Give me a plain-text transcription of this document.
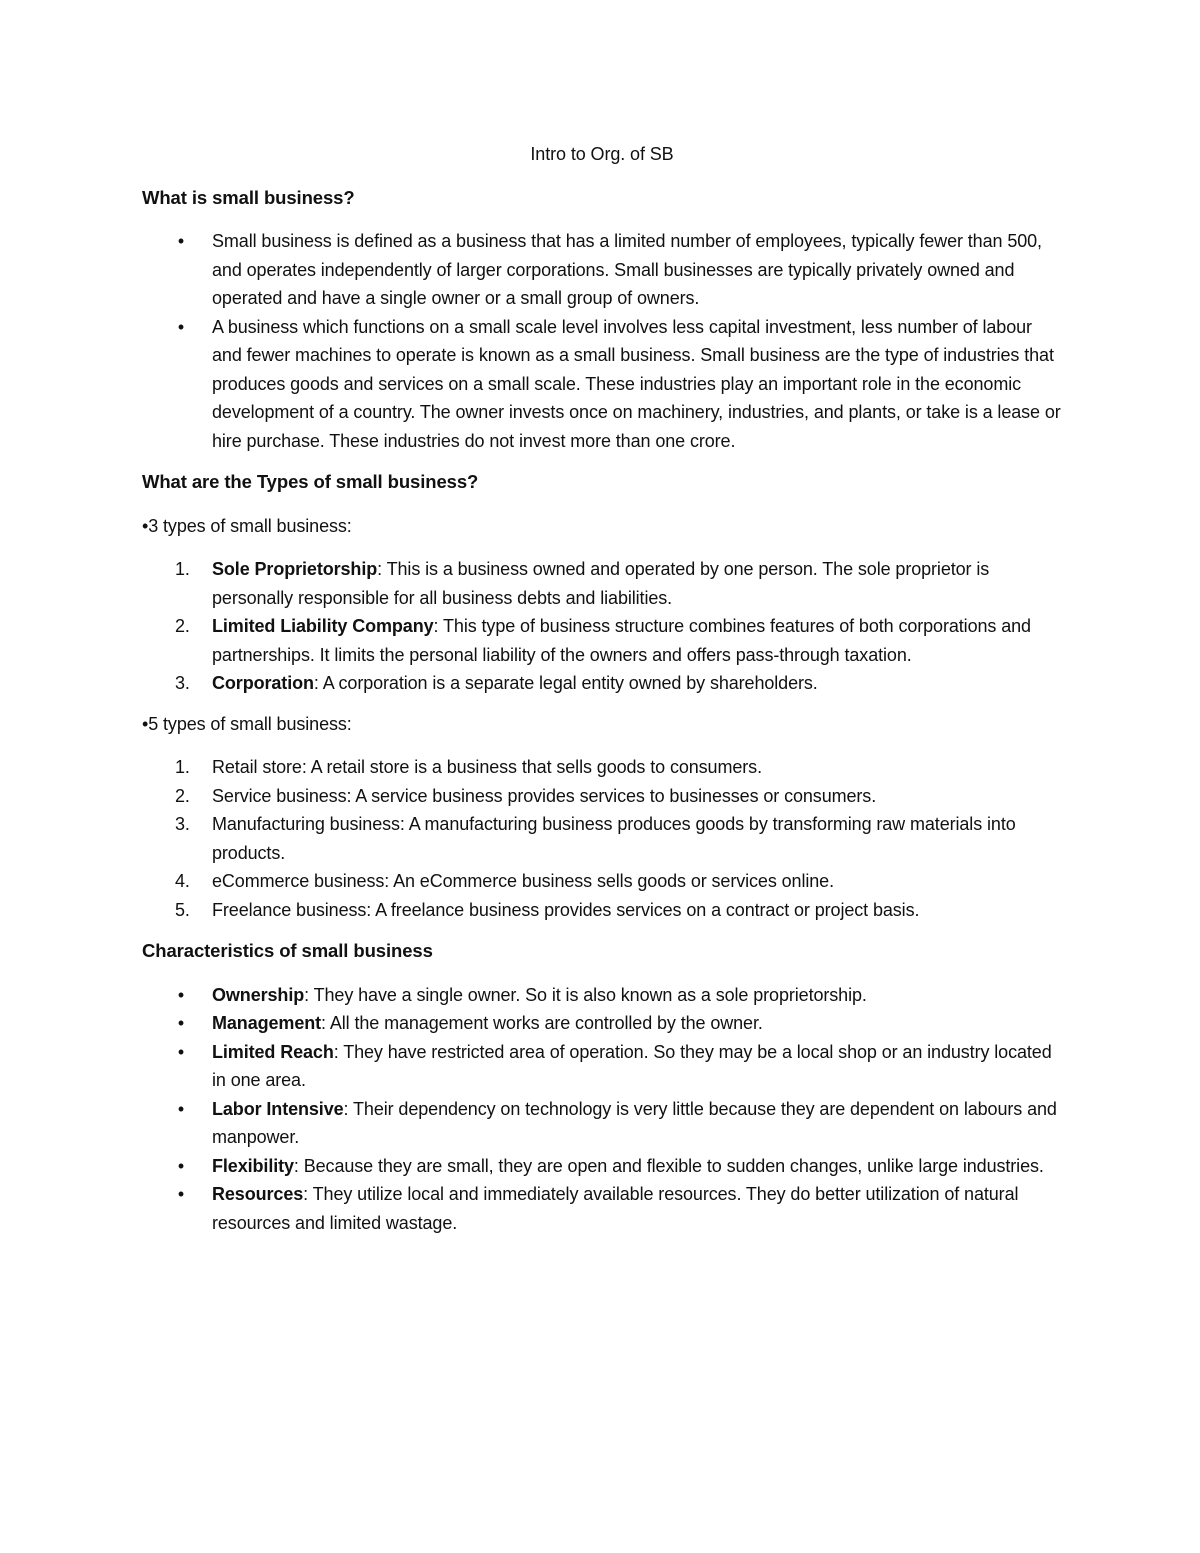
Intro to Org. of SB
What is small business?
• Small business is defined as a business that has a limited number of employees, typically fewer than 500, and operates independently of larger corporations. Small businesses are typically privately owned and operated and have a single owner or a small group of owners.
• A business which functions on a small scale level involves less capital investment, less number of labour and fewer machines to operate is known as a small business. Small business are the type of industries that produces goods and services on a small scale. These industries play an important role in the economic development of a country. The owner invests once on machinery, industries, and plants, or take is a lease or hire purchase. These industries do not invest more than one crore.
What are the Types of small business?
•3 types of small business:
1. Sole Proprietorship: This is a business owned and operated by one person. The sole proprietor is personally responsible for all business debts and liabilities.
2. Limited Liability Company: This type of business structure combines features of both corporations and partnerships. It limits the personal liability of the owners and offers pass-through taxation.
3. Corporation: A corporation is a separate legal entity owned by shareholders.
•5 types of small business:
1. Retail store: A retail store is a business that sells goods to consumers.
2. Service business: A service business provides services to businesses or consumers.
3. Manufacturing business: A manufacturing business produces goods by transforming raw materials into products.
4. eCommerce business: An eCommerce business sells goods or services online.
5. Freelance business: A freelance business provides services on a contract or project basis.
Characteristics of small business
• Ownership: They have a single owner. So it is also known as a sole proprietorship.
• Management: All the management works are controlled by the owner.
• Limited Reach: They have restricted area of operation. So they may be a local shop or an industry located in one area.
• Labor Intensive: Their dependency on technology is very little because they are dependent on labours and manpower.
• Flexibility: Because they are small, they are open and flexible to sudden changes, unlike large industries.
• Resources: They utilize local and immediately available resources. They do better utilization of natural resources and limited wastage.
